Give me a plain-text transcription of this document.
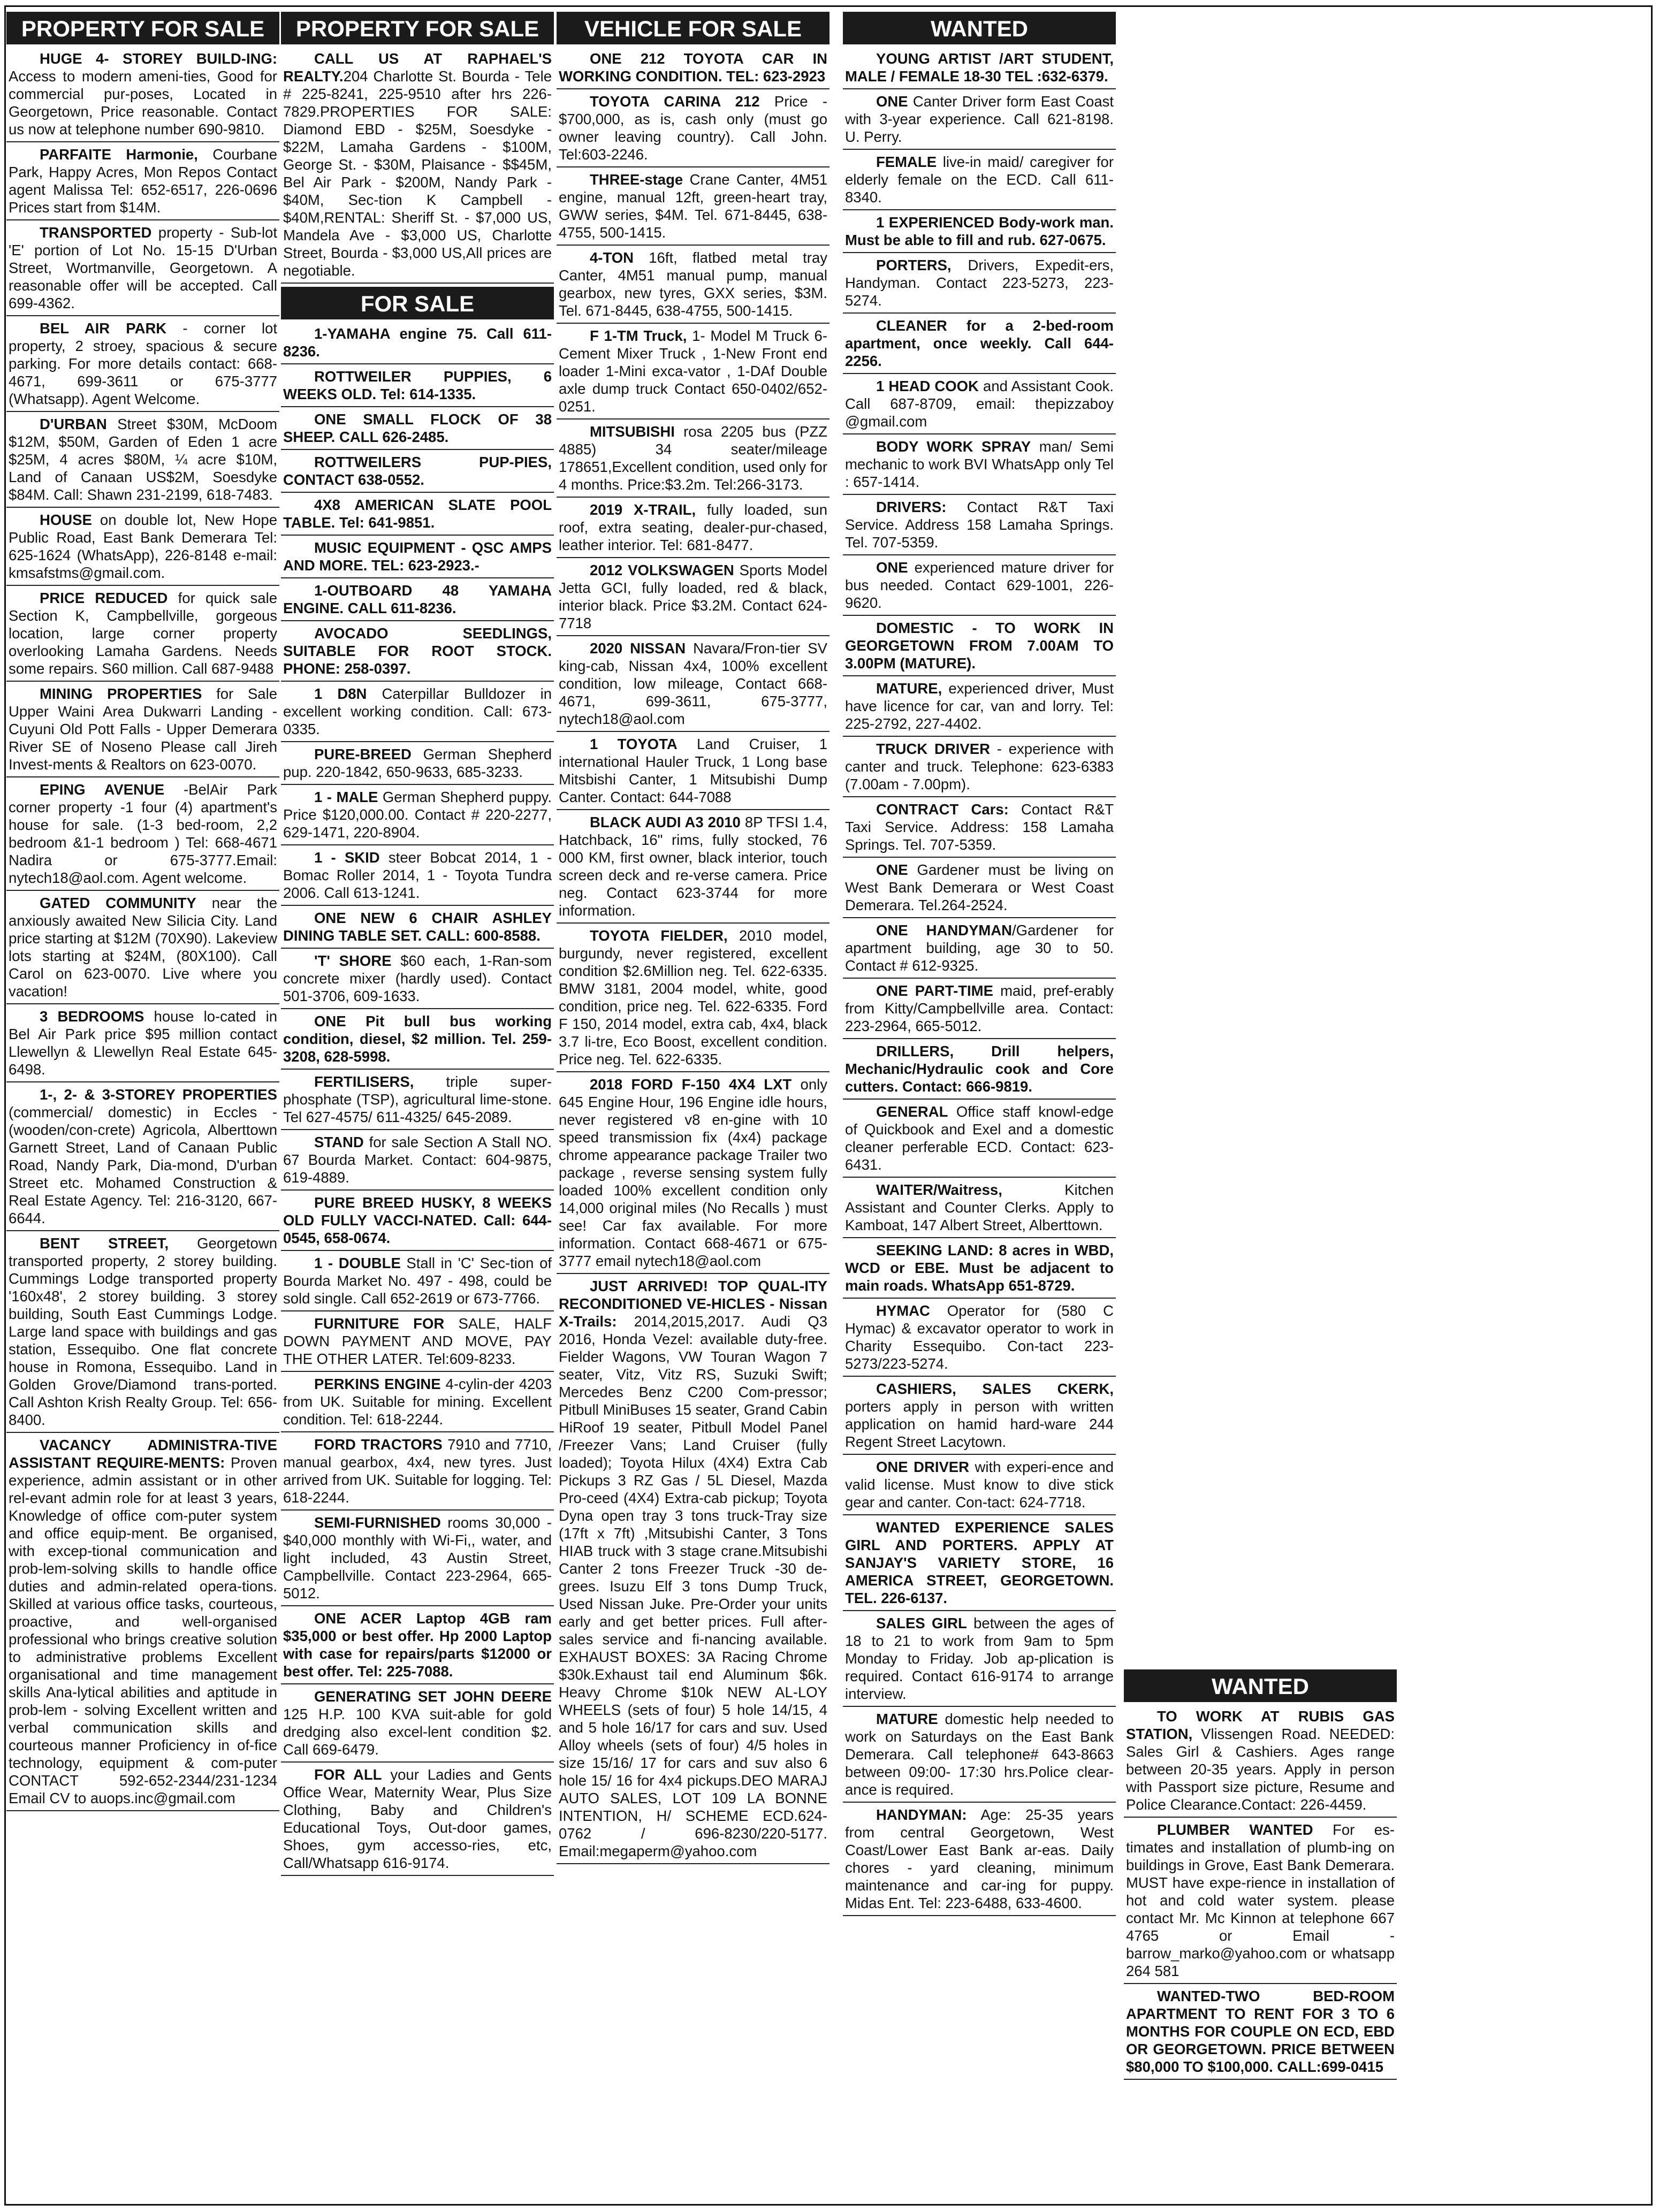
PROPERTY FOR SALE
HUGE 4- STOREY BUILD-ING: Access to modern ameni-ties, Good for commercial pur-poses, Located in Georgetown, Price reasonable. Contact us now at telephone number 690-9810.
PARFAITE Harmonie, Courbane Park, Happy Acres, Mon Repos Contact agent Malissa Tel: 652-6517, 226-0696 Prices start from $14M.
TRANSPORTED property - Sub-lot 'E' portion of Lot No. 15-15 D'Urban Street, Wortmanville, Georgetown. A reasonable offer will be accepted. Call 699-4362.
BEL AIR PARK - corner lot property, 2 stroey, spacious & secure parking. For more details contact: 668-4671, 699-3611 or 675-3777 (Whatsapp). Agent Welcome.
D'URBAN Street $30M, McDoom $12M, $50M, Garden of Eden 1 acre $25M, 4 acres $80M, ¼ acre $10M, Land of Canaan US$2M, Soesdyke $84M. Call: Shawn 231-2199, 618-7483.
HOUSE on double lot, New Hope Public Road, East Bank Demerara Tel: 625-1624 (WhatsApp), 226-8148 e-mail: kmsafstms@gmail.com.
PRICE REDUCED for quick sale Section K, Campbellville, gorgeous location, large corner property overlooking Lamaha Gardens. Needs some repairs. S60 million. Call 687-9488
MINING PROPERTIES for Sale Upper Waini Area Dukwarri Landing -Cuyuni Old Pott Falls - Upper Demerara River SE of Noseno Please call Jireh Invest-ments & Realtors on 623-0070.
EPING AVENUE -BelAir Park corner property -1 four (4) apartment's house for sale. (1-3 bed-room, 2,2 bedroom &1-1 bedroom ) Tel: 668-4671 Nadira or 675-3777.Email: nytech18@aol.com. Agent welcome.
GATED COMMUNITY near the anxiously awaited New Silicia City. Land price starting at $12M (70X90). Lakeview lots starting at $24M, (80X100). Call Carol on 623-0070. Live where you vacation!
3 BEDROOMS house lo-cated in Bel Air Park price $95 million contact Llewellyn & Llewellyn Real Estate 645-6498.
1-, 2- & 3-STOREY PROPERTIES (commercial/ domestic) in Eccles - (wooden/con-crete) Agricola, Alberttown Garnett Street, Land of Canaan Public Road, Nandy Park, Dia-mond, D'urban Street etc. Mohamed Construction & Real Estate Agency. Tel: 216-3120, 667-6644.
BENT STREET, Georgetown transported property, 2 storey building. Cummings Lodge transported property '160x48', 2 storey building. 3 storey building, South East Cummings Lodge. Large land space with buildings and gas station, Essequibo. One flat concrete house in Romona, Essequibo. Land in Golden Grove/Diamond trans-ported. Call Ashton Krish Realty Group. Tel: 656-8400.
VACANCY ADMINISTRA-TIVE ASSISTANT REQUIRE-MENTS: Proven experience, admin assistant or in other rel-evant admin role for at least 3 years, Knowledge of office com-puter system and office equip-ment. Be organised, with excep-tional communication and prob-lem-solving skills to handle office duties and admin-related opera-tions. Skilled at various office tasks, courteous, proactive, and well-organised professional who brings creative solution to administrative problems Excellent organisational and time management skills Ana-lytical abilities and aptitude in prob-lem - solving Excellent written and verbal communication skills and courteous manner Proficiency in of-fice technology, equipment & com-puter CONTACT 592-652-2344/231-1234 Email CV to auops.inc@gmail.com
PROPERTY FOR SALE
CALL US AT RAPHAEL'S REALTY.204 Charlotte St. Bourda - Tele # 225-8241, 225-9510 after hrs 226-7829.PROPERTIES FOR SALE: Diamond EBD - $25M, Soesdyke - $22M, Lamaha Gardens - $100M, George St. - $30M, Plaisance - $$45M, Bel Air Park - $200M, Nandy Park - $40M, Sec-tion K Campbell - $40M,RENTAL: Sheriff St. - $7,000 US, Mandela Ave - $3,000 US, Charlotte Street, Bourda - $3,000 US,All prices are negotiable.
FOR SALE
1-YAMAHA engine 75. Call 611-8236.
ROTTWEILER PUPPIES, 6 WEEKS OLD. Tel: 614-1335.
ONE SMALL FLOCK OF 38 SHEEP. CALL 626-2485.
ROTTWEILERS PUP-PIES, CONTACT 638-0552.
4X8 AMERICAN SLATE POOL TABLE. Tel: 641-9851.
MUSIC EQUIPMENT - QSC AMPS AND MORE. TEL: 623-2923.-
1-OUTBOARD 48 YAMAHA ENGINE. CALL 611-8236.
AVOCADO SEEDLINGS, SUITABLE FOR ROOT STOCK. PHONE: 258-0397.
1 D8N Caterpillar Bulldozer in excellent working condition. Call: 673-0335.
PURE-BREED German Shepherd pup. 220-1842, 650-9633, 685-3233.
1 - MALE German Shepherd puppy. Price $120,000.00. Contact # 220-2277, 629-1471, 220-8904.
1 - SKID steer Bobcat 2014, 1 - Bomac Roller 2014, 1 - Toyota Tundra 2006. Call 613-1241.
ONE NEW 6 CHAIR ASHLEY DINING TABLE SET. CALL: 600-8588.
'T' SHORE $60 each, 1-Ran-som concrete mixer (hardly used). Contact 501-3706, 609-1633.
ONE Pit bull bus working condition, diesel, $2 million. Tel. 259-3208, 628-5998.
FERTILISERS, triple super-phosphate (TSP), agricultural lime-stone. Tel 627-4575/ 611-4325/ 645-2089.
STAND for sale Section A Stall NO. 67 Bourda Market. Contact: 604-9875, 619-4889.
PURE BREED HUSKY, 8 WEEKS OLD FULLY VACCI-NATED. Call: 644-0545, 658-0674.
1 - DOUBLE Stall in 'C' Sec-tion of Bourda Market No. 497 - 498, could be sold single. Call 652-2619 or 673-7766.
FURNITURE FOR SALE, HALF DOWN PAYMENT AND MOVE, PAY THE OTHER LATER. Tel:609-8233.
PERKINS ENGINE 4-cylin-der 4203 from UK. Suitable for mining. Excellent condition. Tel: 618-2244.
FORD TRACTORS 7910 and 7710, manual gearbox, 4x4, new tyres. Just arrived from UK. Suitable for logging. Tel: 618-2244.
SEMI-FURNISHED rooms 30,000 - $40,000 monthly with Wi-Fi,, water, and light included, 43 Austin Street, Campbellville. Contact 223-2964, 665-5012.
ONE ACER Laptop 4GB ram $35,000 or best offer. Hp 2000 Laptop with case for repairs/parts $12000 or best offer. Tel: 225-7088.
GENERATING SET JOHN DEERE 125 H.P. 100 KVA suit-able for gold dredging also excel-lent condition $2. Call 669-6479.
FOR ALL your Ladies and Gents Office Wear, Maternity Wear, Plus Size Clothing, Baby and Children's Educational Toys, Out-door games, Shoes, gym accesso-ries, etc, Call/Whatsapp 616-9174.
VEHICLE FOR SALE
ONE 212 TOYOTA CAR IN WORKING CONDITION. TEL: 623-2923
TOYOTA CARINA 212 Price - $700,000, as is, cash only (must go owner leaving country). Call John. Tel:603-2246.
THREE-stage Crane Canter, 4M51 engine, manual 12ft, green-heart tray, GWW series, $4M. Tel. 671-8445, 638-4755, 500-1415.
4-TON 16ft, flatbed metal tray Canter, 4M51 manual pump, manual gearbox, new tyres, GXX series, $3M. Tel. 671-8445, 638-4755, 500-1415.
F 1-TM Truck, 1- Model M Truck 6-Cement Mixer Truck , 1-New Front end loader 1-Mini exca-vator , 1-DAf Double axle dump truck Contact 650-0402/652-0251.
MITSUBISHI rosa 2205 bus (PZZ 4885) 34 seater/mileage 178651,Excellent condition, used only for 4 months. Price:$3.2m. Tel:266-3173.
2019 X-TRAIL, fully loaded, sun roof, extra seating, dealer-pur-chased, leather interior. Tel: 681-8477.
2012 VOLKSWAGEN Sports Model Jetta GCI, fully loaded, red & black, interior black. Price $3.2M. Contact 624-7718
2020 NISSAN Navara/Fron-tier SV king-cab, Nissan 4x4, 100% excellent condition, low mileage, Contact 668-4671, 699-3611, 675-3777, nytech18@aol.com
1 TOYOTA Land Cruiser, 1 international Hauler Truck, 1 Long base Mitsbishi Canter, 1 Mitsubishi Dump Canter. Contact: 644-7088
BLACK AUDI A3 2010 8P TFSI 1.4, Hatchback, 16" rims, fully stocked, 76 000 KM, first owner, black interior, touch screen deck and re-verse camera. Price neg. Contact 623-3744 for more information.
TOYOTA FIELDER, 2010 model, burgundy, never registered, excellent condition $2.6Million neg. Tel. 622-6335. BMW 3181, 2004 model, white, good condition, price neg. Tel. 622-6335. Ford F 150, 2014 model, extra cab, 4x4, black 3.7 li-tre, Eco Boost, excellent condition. Price neg. Tel. 622-6335.
2018 FORD F-150 4X4 LXT only 645 Engine Hour, 196 Engine idle hours, never registered v8 en-gine with 10 speed transmission fix (4x4) package chrome appearance package Trailer two package , reverse sensing system fully loaded 100% excellent condition only 14,000 original miles (No Recalls ) must see! Car fax available. For more information. Contact 668-4671 or 675-3777 email nytech18@aol.com
JUST ARRIVED! TOP QUAL-ITY RECONDITIONED VE-HICLES - Nissan X-Trails: 2014,2015,2017. Audi Q3 2016, Honda Vezel: available duty-free. Fielder Wagons, VW Touran Wagon 7 seater, Vitz, Vitz RS, Suzuki Swift; Mercedes Benz C200 Com-pressor; Pitbull MiniBuses 15 seater, Grand Cabin HiRoof 19 seater, Pitbull Model Panel /Freezer Vans; Land Cruiser (fully loaded); Toyota Hilux (4X4) Extra Cab Pickups 3 RZ Gas / 5L Diesel, Mazda Pro-ceed (4X4) Extra-cab pickup; Toyota Dyna open tray 3 tons truck-Tray size (17ft x 7ft) ,Mitsubishi Canter, 3 Tons HIAB truck with 3 stage crane.Mitsubishi Canter 2 tons Freezer Truck -30 de-grees. Isuzu Elf 3 tons Dump Truck, Used Nissan Juke. Pre-Order your units early and get better prices. Full after-sales service and fi-nancing available. EXHAUST BOXES: 3A Racing Chrome $30k.Exhaust tail end Aluminum $6k. Heavy Chrome $10k NEW AL-LOY WHEELS (sets of four) 5 hole 14/15, 4 and 5 hole 16/17 for cars and suv. Used Alloy wheels (sets of four) 4/5 holes in size 15/16/ 17 for cars and suv also 6 hole 15/ 16 for 4x4 pickups.DEO MARAJ AUTO SALES, LOT 109 LA BONNE INTENTION, H/ SCHEME ECD.624-0762 / 696-8230/220-5177. Email:megaperm@yahoo.com
WANTED
YOUNG ARTIST /ART STUDENT, MALE / FEMALE 18-30 TEL :632-6379.
ONE Canter Driver form East Coast with 3-year experience. Call 621-8198. U. Perry.
FEMALE live-in maid/ caregiver for elderly female on the ECD. Call 611-8340.
1 EXPERIENCED Body-work man. Must be able to fill and rub. 627-0675.
PORTERS, Drivers, Expedit-ers, Handyman. Contact 223-5273, 223-5274.
CLEANER for a 2-bed-room apartment, once weekly. Call 644-2256.
1 HEAD COOK and Assistant Cook. Call 687-8709, email: thepizzaboy @gmail.com
BODY WORK SPRAY man/ Semi mechanic to work BVI WhatsApp only Tel : 657-1414.
DRIVERS: Contact R&T Taxi Service. Address 158 Lamaha Springs. Tel. 707-5359.
ONE experienced mature driver for bus needed. Contact 629-1001, 226-9620.
DOMESTIC - TO WORK IN GEORGETOWN FROM 7.00AM TO 3.00PM (MATURE).
MATURE, experienced driver, Must have licence for car, van and lorry. Tel: 225-2792, 227-4402.
TRUCK DRIVER - experience with canter and truck. Telephone: 623-6383 (7.00am - 7.00pm).
CONTRACT Cars: Contact R&T Taxi Service. Address: 158 Lamaha Springs. Tel. 707-5359.
ONE Gardener must be living on West Bank Demerara or West Coast Demerara. Tel.264-2524.
ONE HANDYMAN/Gardener for apartment building, age 30 to 50. Contact # 612-9325.
ONE PART-TIME maid, pref-erably from Kitty/Campbellville area. Contact: 223-2964, 665-5012.
DRILLERS, Drill helpers, Mechanic/Hydraulic cook and Core cutters. Contact: 666-9819.
GENERAL Office staff knowl-edge of Quickbook and Exel and a domestic cleaner perferable ECD. Contact: 623-6431.
WAITER/Waitress, Kitchen Assistant and Counter Clerks. Apply to Kamboat, 147 Albert Street, Alberttown.
SEEKING LAND: 8 acres in WBD, WCD or EBE. Must be adjacent to main roads. WhatsApp 651-8729.
HYMAC Operator for (580 C Hymac) & excavator operator to work in Charity Essequibo. Con-tact 223-5273/223-5274.
CASHIERS, SALES CKERK, porters apply in person with written application on hamid hard-ware 244 Regent Street Lacytown.
ONE DRIVER with experi-ence and valid license. Must know to dive stick gear and canter. Con-tact: 624-7718.
WANTED EXPERIENCE SALES GIRL AND PORTERS. APPLY AT SANJAY'S VARIETY STORE, 16 AMERICA STREET, GEORGETOWN. TEL. 226-6137.
SALES GIRL between the ages of 18 to 21 to work from 9am to 5pm Monday to Friday. Job ap-plication is required. Contact 616-9174 to arrange interview.
MATURE domestic help needed to work on Saturdays on the East Bank Demerara. Call telephone# 643-8663 between 09:00- 17:30 hrs.Police clear-ance is required.
HANDYMAN: Age: 25-35 years from central Georgetown, West Coast/Lower East Bank ar-eas. Daily chores - yard cleaning, minimum maintenance and car-ing for puppy. Midas Ent. Tel: 223-6488, 633-4600.
WANTED
TO WORK AT RUBIS GAS STATION, Vlissengen Road. NEEDED: Sales Girl & Cashiers. Ages range between 20-35 years. Apply in person with Passport size picture, Resume and Police Clearance.Contact: 226-4459.
PLUMBER WANTED For es-timates and installation of plumb-ing on buildings in Grove, East Bank Demerara. MUST have expe-rience in installation of hot and cold water system. please contact Mr. Mc Kinnon at telephone 667 4765 or Email - barrow_marko@yahoo.com or whatsapp 264 581
WANTED-TWO BED-ROOM APARTMENT TO RENT FOR 3 TO 6 MONTHS FOR COUPLE ON ECD, EBD OR GEORGETOWN. PRICE BETWEEN $80,000 TO $100,000. CALL:699-0415
